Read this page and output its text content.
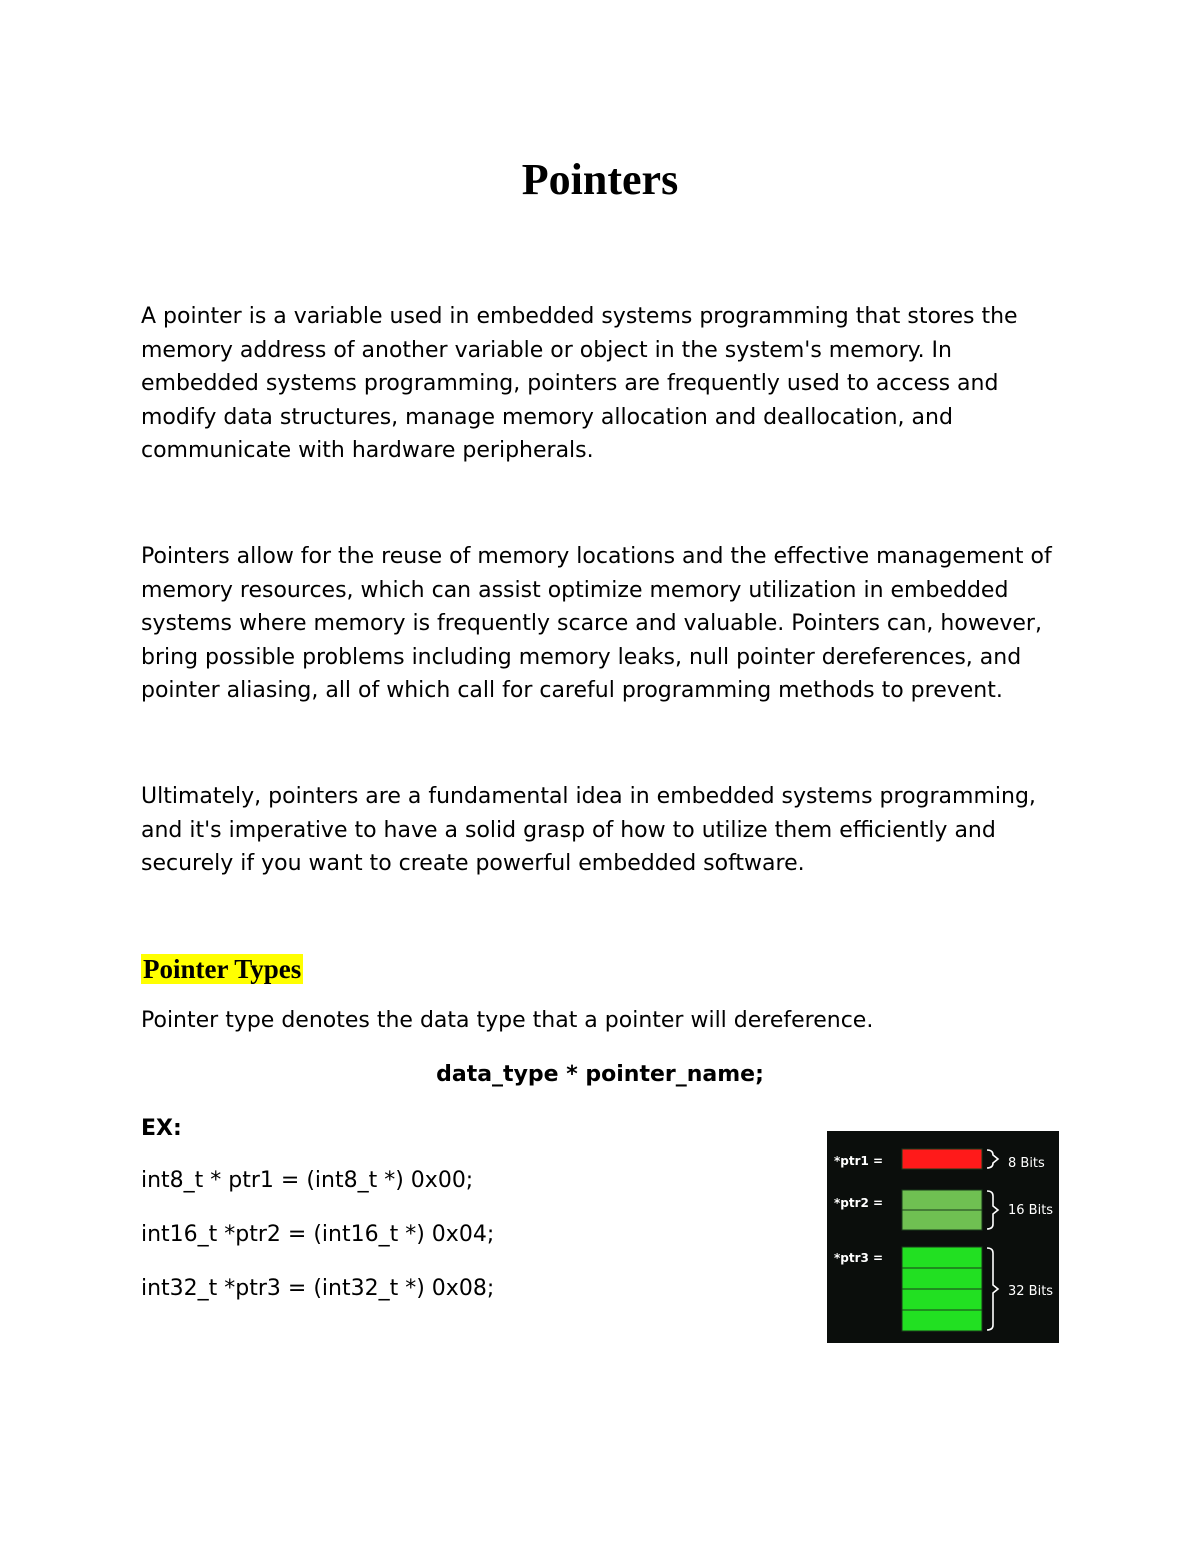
Pointers

A pointer is a variable used in embedded systems programming that stores the memory address of another variable or object in the system's memory. In embedded systems programming, pointers are frequently used to access and modify data structures, manage memory allocation and deallocation, and communicate with hardware peripherals.

Pointers allow for the reuse of memory locations and the effective management of memory resources, which can assist optimize memory utilization in embedded systems where memory is frequently scarce and valuable. Pointers can, however, bring possible problems including memory leaks, null pointer dereferences, and pointer aliasing, all of which call for careful programming methods to prevent.

Ultimately, pointers are a fundamental idea in embedded systems programming, and it's imperative to have a solid grasp of how to utilize them efficiently and securely if you want to create powerful embedded software.

Pointer Types

Pointer type denotes the data type that a pointer will dereference.

data_type * pointer_name;

EX:

int8_t * ptr1 = (int8_t *) 0x00;

int16_t *ptr2 = (int16_t *) 0x04;

int32_t *ptr3 = (int32_t *) 0x08;

*ptr1 =	8 Bits
*ptr2 =	16 Bits
*ptr3 =
32 Bits
